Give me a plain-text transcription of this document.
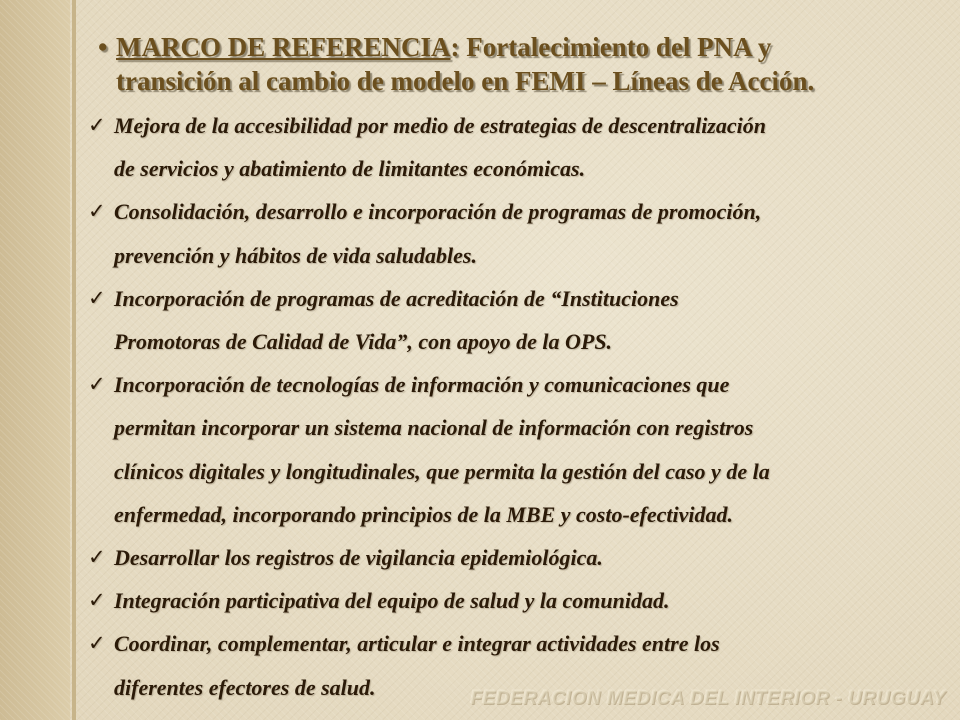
• MARCO DE REFERENCIA: Fortalecimiento del PNA y
transición al cambio de modelo en FEMI – Líneas de Acción.
✓ Mejora de la accesibilidad por medio de estrategias de descentralización
de servicios y abatimiento de limitantes económicas.
✓ Consolidación, desarrollo e incorporación de programas de promoción,
prevención y hábitos de vida saludables.
✓ Incorporación de programas de acreditación de “Instituciones
Promotoras de Calidad de Vida”, con apoyo de la OPS.
✓ Incorporación de tecnologías de información y comunicaciones que
permitan incorporar un sistema nacional de información con registros
clínicos digitales y longitudinales, que permita la gestión del caso y de la
enfermedad, incorporando principios de la MBE y costo-efectividad.
✓ Desarrollar los registros de vigilancia epidemiológica.
✓ Integración participativa del equipo de salud y la comunidad.
✓ Coordinar, complementar, articular e integrar actividades entre los
diferentes efectores de salud.	FEDERACION MEDICA DEL INTERIOR - URUGUAY
